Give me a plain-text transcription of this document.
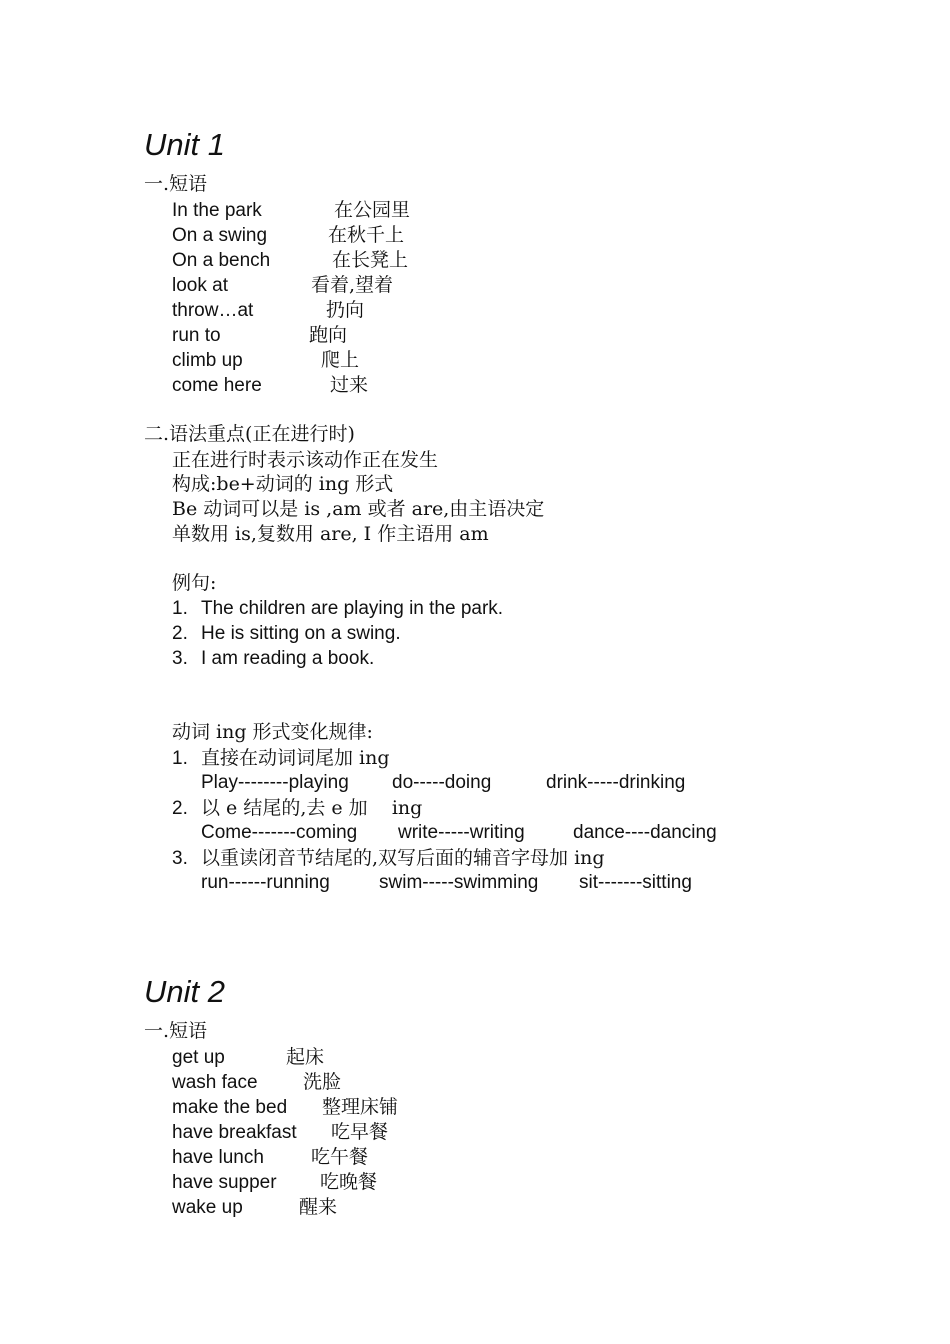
Unit 1
一.短语
In the park	在公园里
On a swing	在秋千上
On a bench	在长凳上
look at	看着,望着
throw…at	扔向
run to	跑向
climb up	爬上
come here	过来
二.语法重点(正在进行时)
正在进行时表示该动作正在发生
构成:be+动词的 ing 形式
Be 动词可以是 is ,am 或者 are,由主语决定
单数用 is,复数用 are, I 作主语用 am
例句:
1. The children are playing in the park.
2. He is sitting on a swing.
3. I am reading a book.
动词 ing 形式变化规律:
1. 直接在动词词尾加 ing
Play--------playing do-----doing	drink-----drinking
2. 以 e 结尾的,去 e 加    ing
Come-------coming write-----writing	dance----dancing
3. 以重读闭音节结尾的,双写后面的辅音字母加 ing
run------running	swim-----swimming sit-------sitting
Unit 2
一.短语
get up	起床
wash face 洗脸
make the bed 整理床铺
have breakfast 吃早餐
have lunch 吃午餐
have supper 吃晚餐
wake up	醒来
